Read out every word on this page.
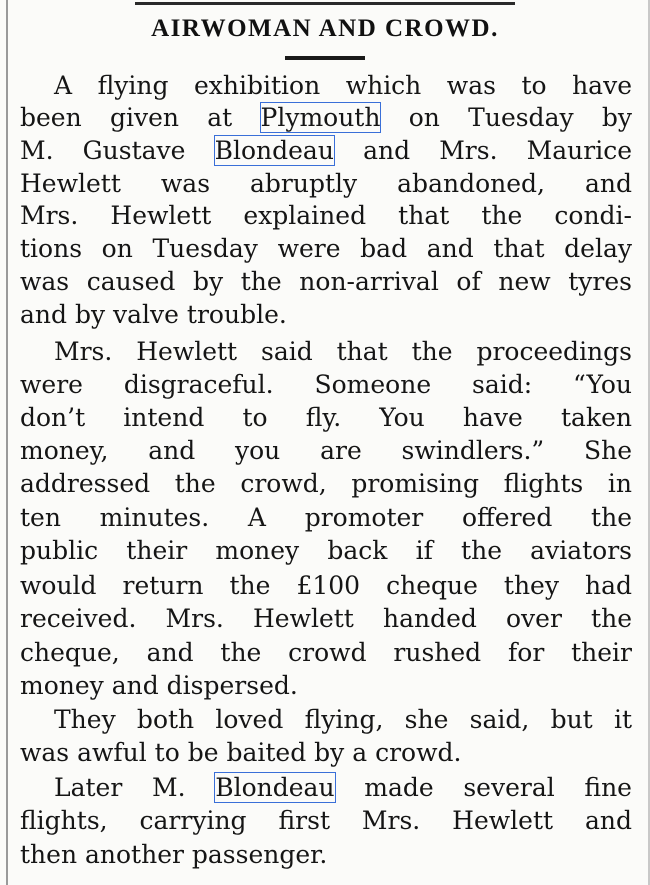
AIRWOMAN AND CROWD.
A flying exhibition which was to have
been given at Plymouth on Tuesday by
M. Gustave Blondeau and Mrs. Maurice
Hewlett was abruptly abandoned, and
Mrs. Hewlett explained that the condi-
tions on Tuesday were bad and that delay
was caused by the non-arrival of new tyres
and by valve trouble.
Mrs. Hewlett said that the proceedings
were disgraceful. Someone said: “You
don’t intend to fly. You have taken
money, and you are swindlers.” She
addressed the crowd, promising flights in
ten minutes. A promoter offered the
public their money back if the aviators
would return the £100 cheque they had
received. Mrs. Hewlett handed over the
cheque, and the crowd rushed for their
money and dispersed.
They both loved flying, she said, but it
was awful to be baited by a crowd.
Later M. Blondeau made several fine
flights, carrying first Mrs. Hewlett and
then another passenger.
